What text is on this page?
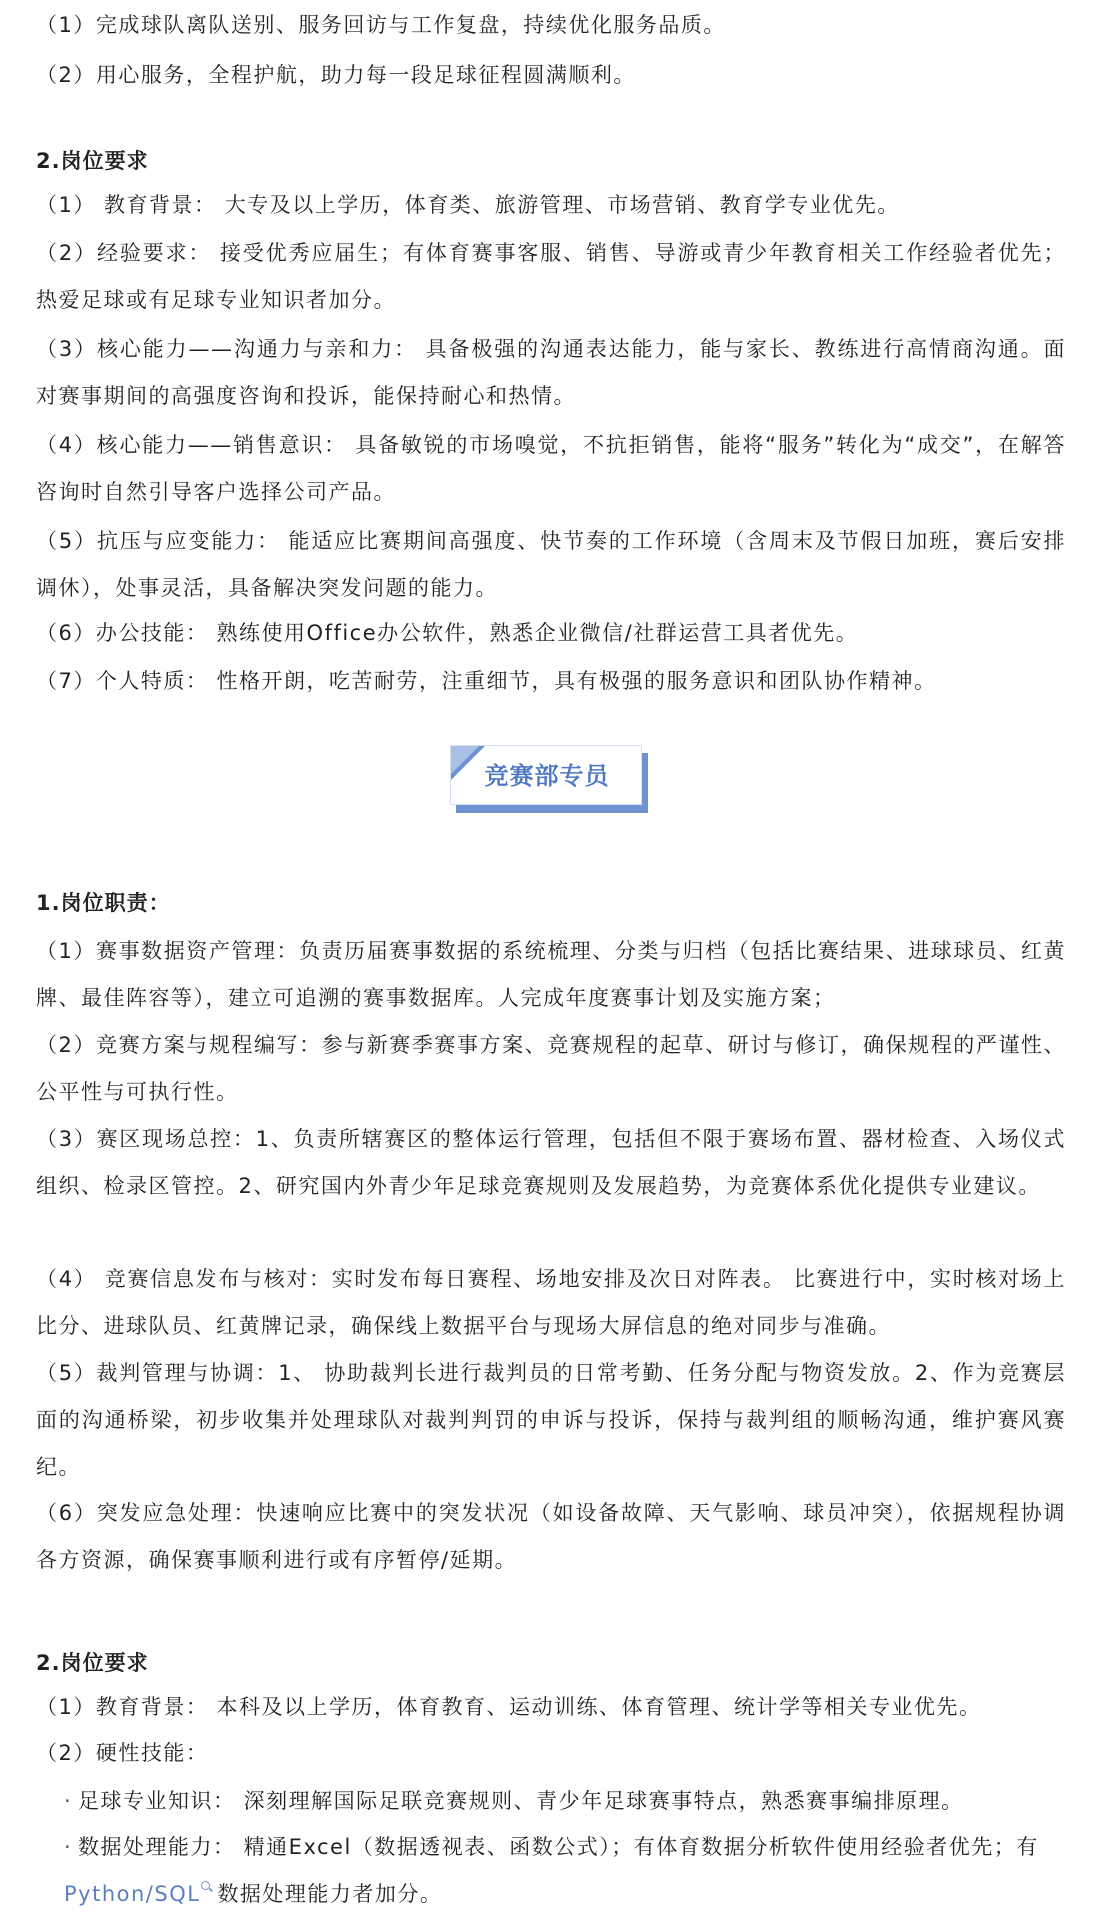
（1）完成球队离队送别、服务回访与工作复盘，持续优化服务品质。
（2）用心服务，全程护航，助力每一段足球征程圆满顺利。
2.岗位要求
（1） 教育背景： 大专及以上学历，体育类、旅游管理、市场营销、教育学专业优先。
（2）经验要求： 接受优秀应届生；有体育赛事客服、销售、导游或青少年教育相关工作经验者优先；热爱足球或有足球专业知识者加分。
（3）核心能力——沟通力与亲和力： 具备极强的沟通表达能力，能与家长、教练进行高情商沟通。面对赛事期间的高强度咨询和投诉，能保持耐心和热情。
（4）核心能力——销售意识： 具备敏锐的市场嗅觉，不抗拒销售，能将“服务”转化为“成交”，在解答咨询时自然引导客户选择公司产品。
（5）抗压与应变能力： 能适应比赛期间高强度、快节奏的工作环境（含周末及节假日加班，赛后安排调休），处事灵活，具备解决突发问题的能力。
（6）办公技能： 熟练使用Office办公软件，熟悉企业微信/社群运营工具者优先。
（7）个人特质： 性格开朗，吃苦耐劳，注重细节，具有极强的服务意识和团队协作精神。
竞赛部专员
1.岗位职责：
（1）赛事数据资产管理：负责历届赛事数据的系统梳理、分类与归档（包括比赛结果、进球球员、红黄牌、最佳阵容等），建立可追溯的赛事数据库。人完成年度赛事计划及实施方案；
（2）竞赛方案与规程编写：参与新赛季赛事方案、竞赛规程的起草、研讨与修订，确保规程的严谨性、公平性与可执行性。
（3）赛区现场总控：1、负责所辖赛区的整体运行管理，包括但不限于赛场布置、器材检查、入场仪式组织、检录区管控。2、研究国内外青少年足球竞赛规则及发展趋势，为竞赛体系优化提供专业建议。
（4） 竞赛信息发布与核对：实时发布每日赛程、场地安排及次日对阵表。 比赛进行中，实时核对场上比分、进球队员、红黄牌记录，确保线上数据平台与现场大屏信息的绝对同步与准确。
（5）裁判管理与协调：1、 协助裁判长进行裁判员的日常考勤、任务分配与物资发放。2、作为竞赛层面的沟通桥梁，初步收集并处理球队对裁判判罚的申诉与投诉，保持与裁判组的顺畅沟通，维护赛风赛纪。
（6）突发应急处理：快速响应比赛中的突发状况（如设备故障、天气影响、球员冲突），依据规程协调各方资源，确保赛事顺利进行或有序暂停/延期。
2.岗位要求
（1）教育背景： 本科及以上学历，体育教育、运动训练、体育管理、统计学等相关专业优先。
（2）硬性技能：
· 足球专业知识： 深刻理解国际足联竞赛规则、青少年足球赛事特点，熟悉赛事编排原理。
· 数据处理能力： 精通Excel（数据透视表、函数公式）；有体育数据分析软件使用经验者优先；有Python/SQL 数据处理能力者加分。
